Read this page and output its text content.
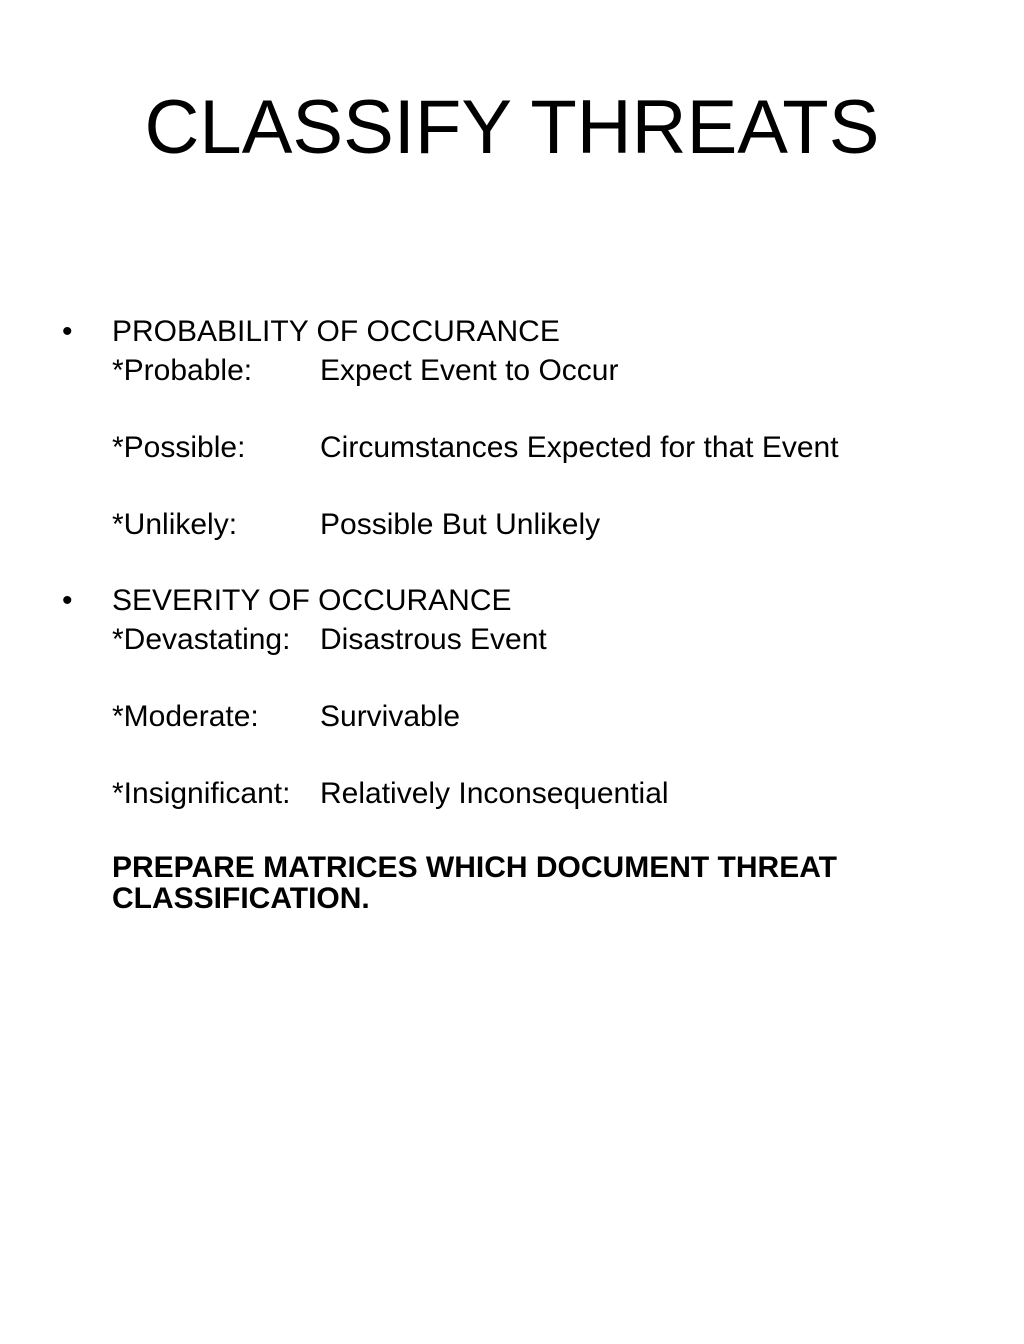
CLASSIFY THREATS
•	PROBABILITY OF OCCURANCE
*Probable: Expect Event to Occur
*Possible: Circumstances Expected for that Event
*Unlikely:	Possible But Unlikely
•	SEVERITY OF OCCURANCE
*Devastating: Disastrous Event
*Moderate: Survivable
*Insignificant: Relatively Inconsequential
PREPARE MATRICES WHICH DOCUMENT THREAT
CLASSIFICATION.
